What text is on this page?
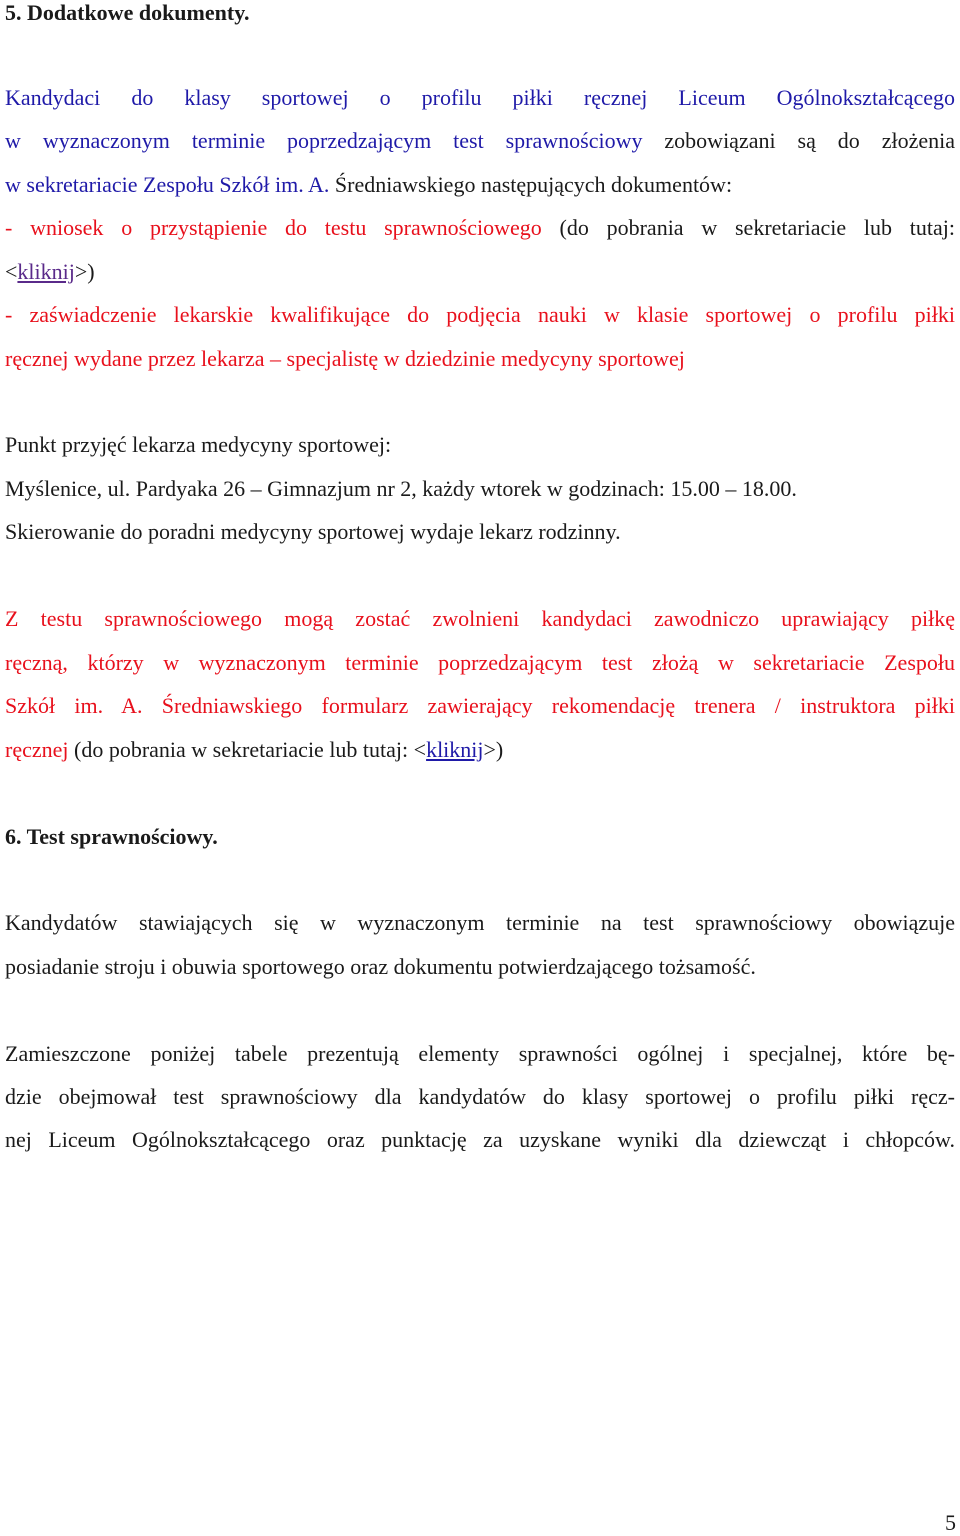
5. Dodatkowe dokumenty.
Kandydaci do klasy sportowej o profilu piłki ręcznej Liceum Ogólnokształcącego
w wyznaczonym terminie poprzedzającym test sprawnościowy zobowiązani są do złożenia
w sekretariacie Zespołu Szkół im. A. Średniawskiego następujących dokumentów:
- wniosek o przystąpienie do testu sprawnościowego (do pobrania w sekretariacie lub tutaj:
<kliknij>)
- zaświadczenie lekarskie kwalifikujące do podjęcia nauki w klasie sportowej o profilu piłki
ręcznej wydane przez lekarza – specjalistę w dziedzinie medycyny sportowej
Punkt przyjęć lekarza medycyny sportowej:
Myślenice, ul. Pardyaka 26 – Gimnazjum nr 2, każdy wtorek w godzinach: 15.00 – 18.00.
Skierowanie do poradni medycyny sportowej wydaje lekarz rodzinny.
Z testu sprawnościowego mogą zostać zwolnieni kandydaci zawodniczo uprawiający piłkę
ręczną, którzy w wyznaczonym terminie poprzedzającym test złożą w sekretariacie Zespołu
Szkół im. A. Średniawskiego formularz zawierający rekomendację trenera / instruktora piłki
ręcznej (do pobrania w sekretariacie lub tutaj: <kliknij>)
6. Test sprawnościowy.
Kandydatów stawiających się w wyznaczonym terminie na test sprawnościowy obowiązuje
posiadanie stroju i obuwia sportowego oraz dokumentu potwierdzającego tożsamość.
Zamieszczone poniżej tabele prezentują elementy sprawności ogólnej i specjalnej, które bę-
dzie obejmował test sprawnościowy dla kandydatów do klasy sportowej o profilu piłki ręcz-
nej Liceum Ogólnokształcącego oraz punktację za uzyskane wyniki dla dziewcząt i chłopców.
5
